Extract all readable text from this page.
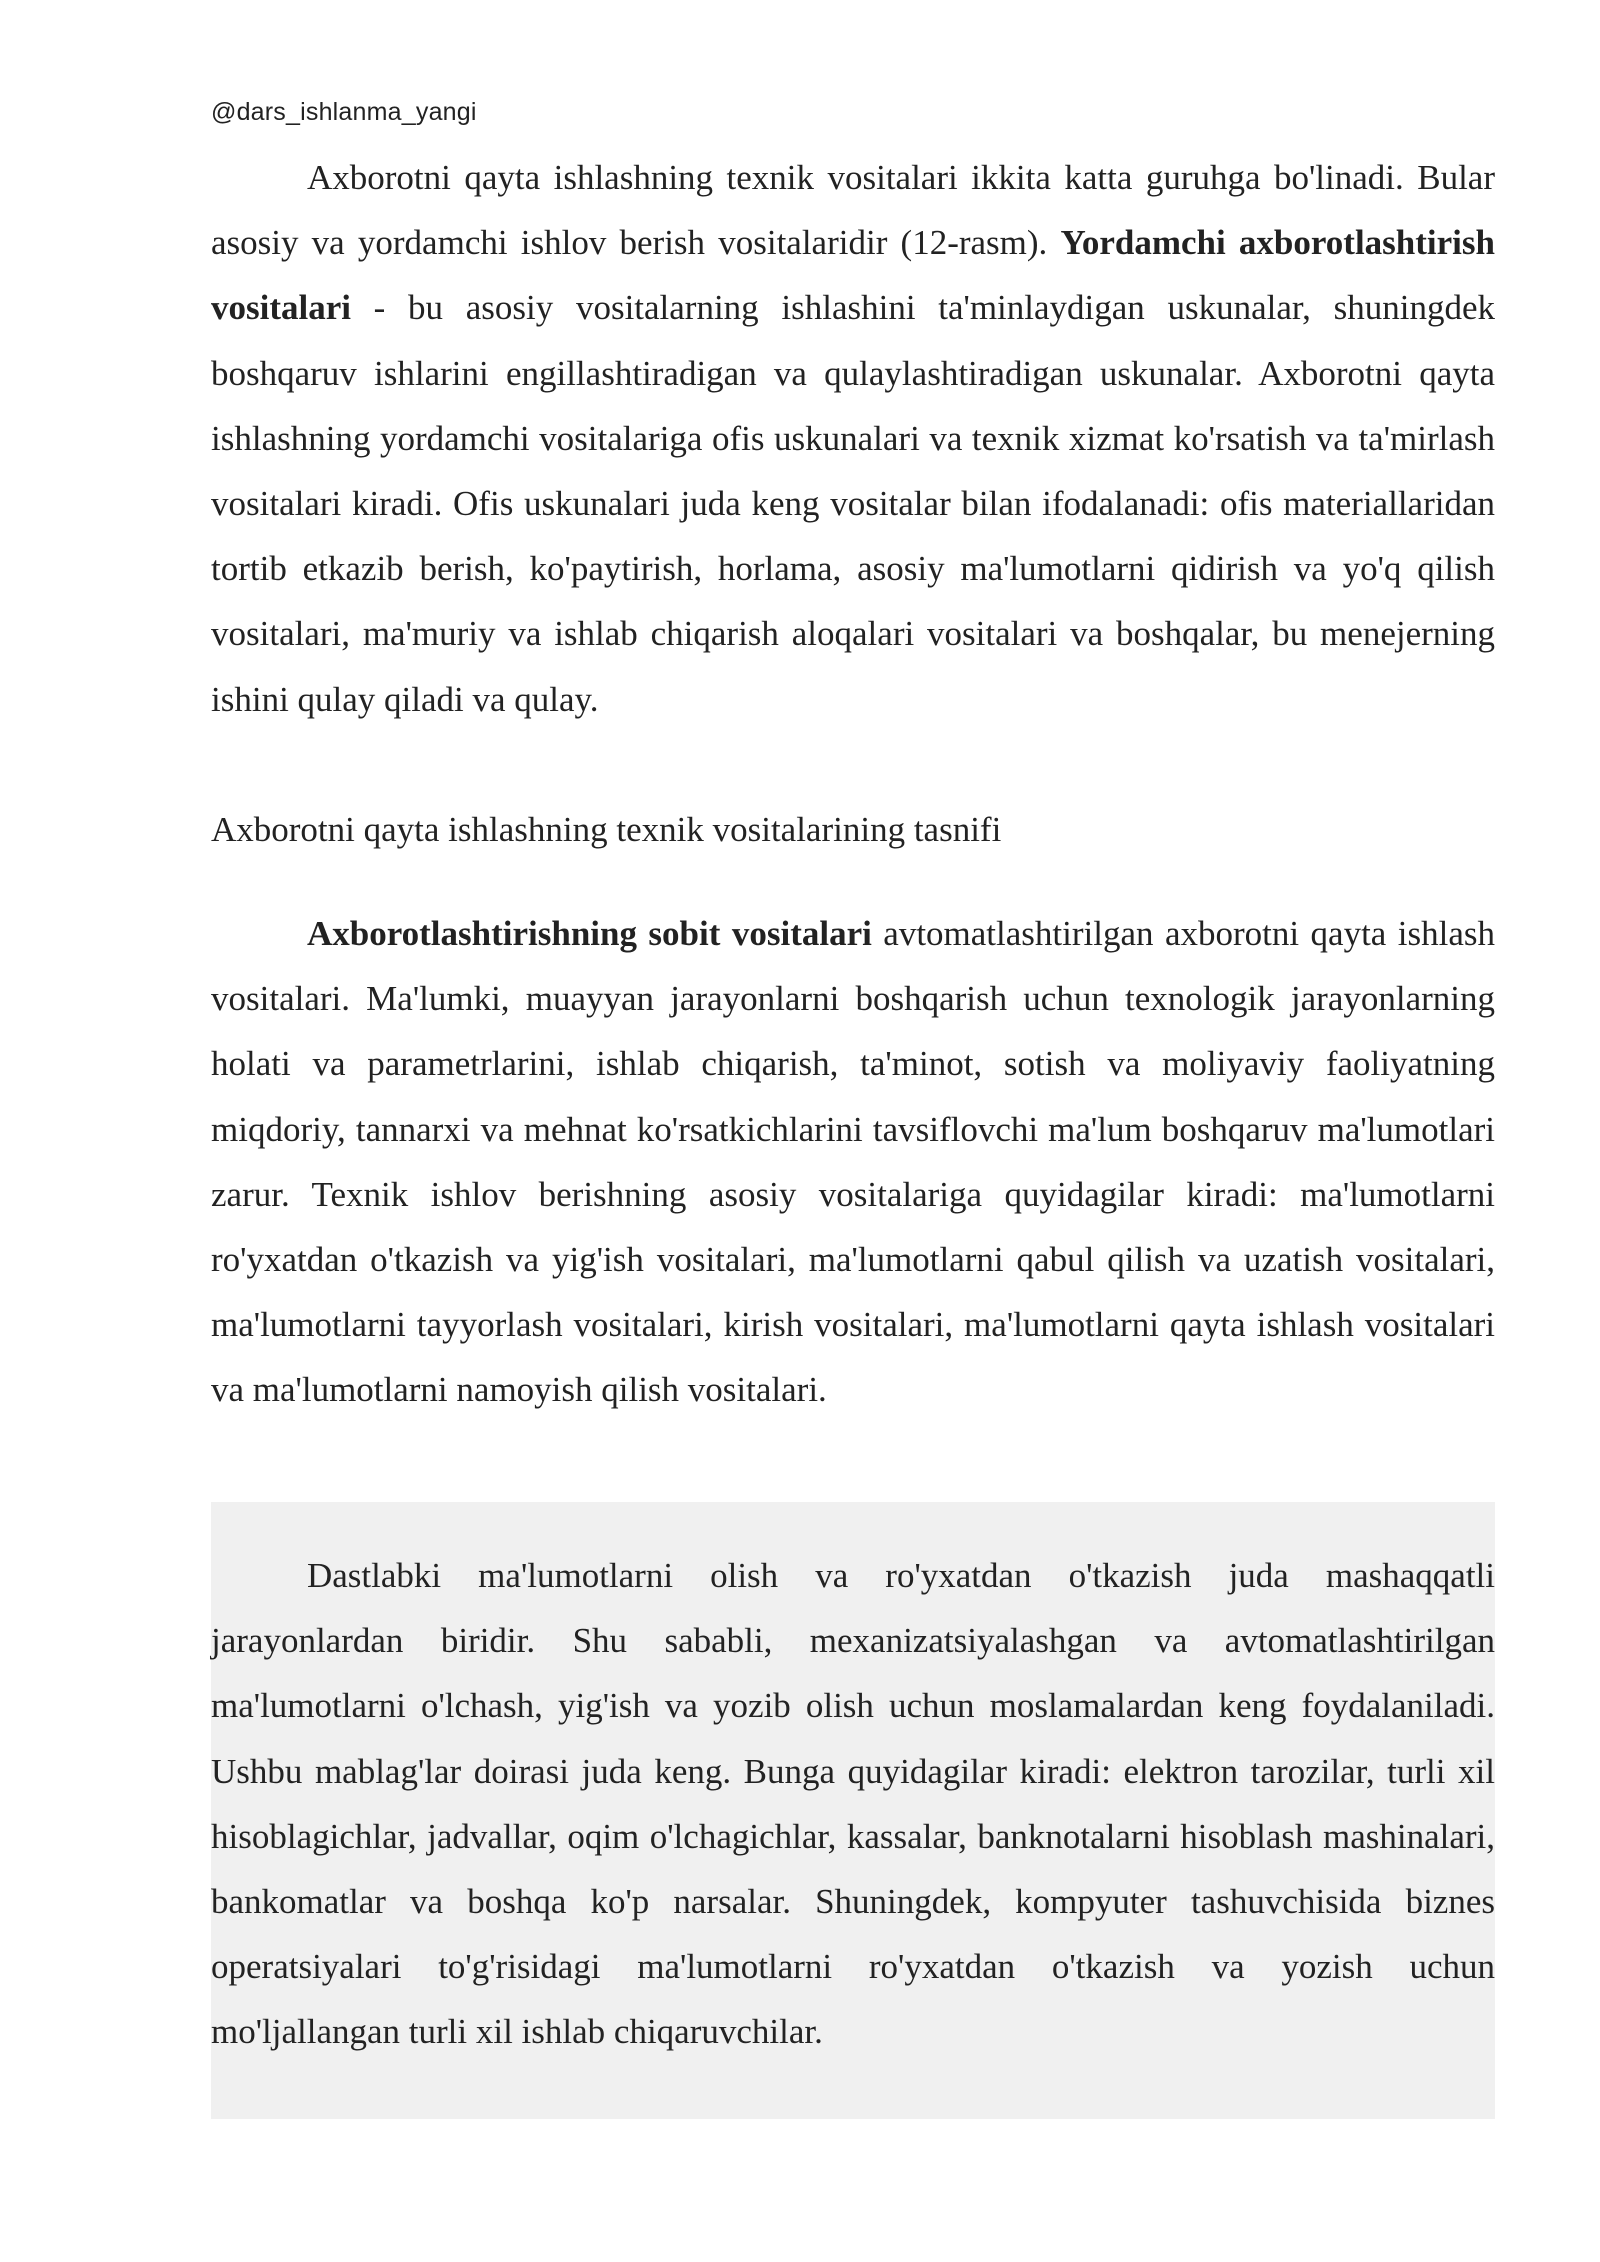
@dars_ishlanma_yangi

Axborotni qayta ishlashning texnik vositalari ikkita katta guruhga bo'linadi. Bular asosiy va yordamchi ishlov berish vositalaridir (12-rasm). Yordamchi axborotlashtirish vositalari - bu asosiy vositalarning ishlashini ta'minlaydigan uskunalar, shuningdek boshqaruv ishlarini engillashtiradigan va qulaylashtiradigan uskunalar. Axborotni qayta ishlashning yordamchi vositalariga ofis uskunalari va texnik xizmat ko'rsatish va ta'mirlash vositalari kiradi. Ofis uskunalari juda keng vositalar bilan ifodalanadi: ofis materiallaridan tortib etkazib berish, ko'paytirish, horlama, asosiy ma'lumotlarni qidirish va yo'q qilish vositalari, ma'muriy va ishlab chiqarish aloqalari vositalari va boshqalar, bu menejerning ishini qulay qiladi va qulay.

Axborotni qayta ishlashning texnik vositalarining tasnifi

Axborotlashtirishning sobit vositalari avtomatlashtirilgan axborotni qayta ishlash vositalari. Ma'lumki, muayyan jarayonlarni boshqarish uchun texnologik jarayonlarning holati va parametrlarini, ishlab chiqarish, ta'minot, sotish va moliyaviy faoliyatning miqdoriy, tannarxi va mehnat ko'rsatkichlarini tavsiflovchi ma'lum boshqaruv ma'lumotlari zarur. Texnik ishlov berishning asosiy vositalariga quyidagilar kiradi: ma'lumotlarni ro'yxatdan o'tkazish va yig'ish vositalari, ma'lumotlarni qabul qilish va uzatish vositalari, ma'lumotlarni tayyorlash vositalari, kirish vositalari, ma'lumotlarni qayta ishlash vositalari va ma'lumotlarni namoyish qilish vositalari.

Dastlabki ma'lumotlarni olish va ro'yxatdan o'tkazish juda mashaqqatli jarayonlardan biridir. Shu sababli, mexanizatsiyalashgan va avtomatlashtirilgan ma'lumotlarni o'lchash, yig'ish va yozib olish uchun moslamalardan keng foydalaniladi. Ushbu mablag'lar doirasi juda keng. Bunga quyidagilar kiradi: elektron tarozilar, turli xil hisoblagichlar, jadvallar, oqim o'lchagichlar, kassalar, banknotalarni hisoblash mashinalari, bankomatlar va boshqa ko'p narsalar. Shuningdek, kompyuter tashuvchisida biznes operatsiyalari to'g'risidagi ma'lumotlarni ro'yxatdan o'tkazish va yozish uchun mo'ljallangan turli xil ishlab chiqaruvchilar.
